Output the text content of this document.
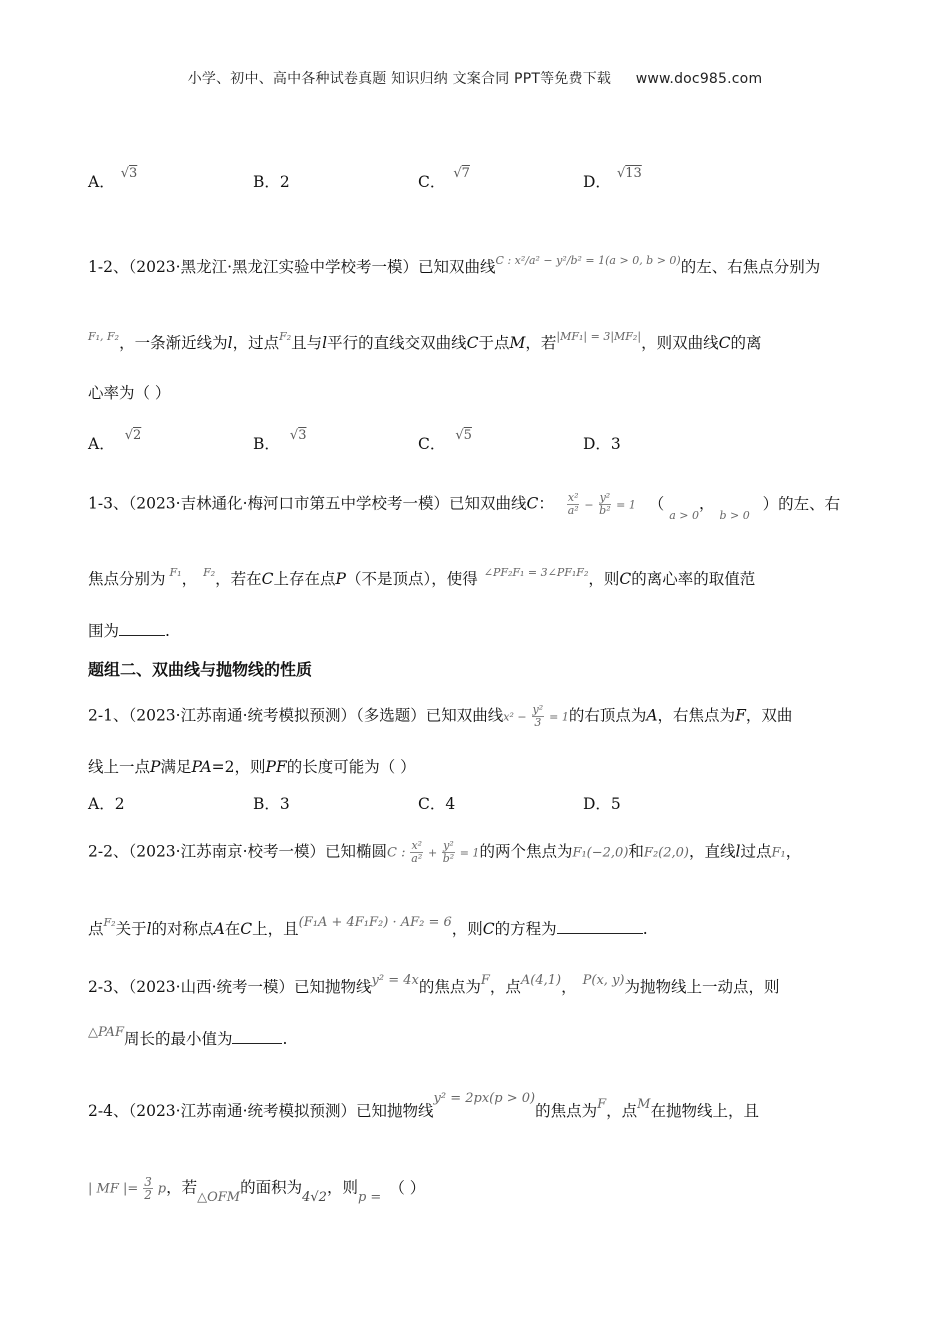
小学、初中、高中各种试卷真题 知识归纳 文案合同 PPT等免费下载 www.doc985.com
A． $^{√3}$	B．2	C． $^{√7}$	D． $^{√13}$
1-2、（2023·黑龙江·黑龙江实验中学校考一模）已知双曲线$^{C : x^2/a^2 - y^2/b^2 = 1(a > 0, b > 0)}$的左、右焦点分别为
$^{F_1, F_2}$，一条渐近线为l，过点$^{F_2}$且与l平行的直线交双曲线C于点M，若$^{|MF_1| = 3|MF_2|}$，则双曲线C的离
心率为（ ）
A． $^{√2}$	B． $^{√3}$	C． $^{√5}$	D．3
1-3、（2023·吉林通化·梅河口市第五中学校考一模）已知双曲线C： $\frac{\text{x²}}{\text{a²}} - \frac{\text{y²}}{\text{b²}} = 1$ （ $_{a > 0}$， $_{b > 0}$ ）的左、右
焦点分别为 $^{F_1}$， $^{F_2}$，若在C上存在点P（不是顶点），使得 $^{\angle PF_2F_1 = 3\angle PF_1F_2}$，则C的离心率的取值范
围为	.
题组二、双曲线与抛物线的性质
2-1、（2023·江苏南通·统考模拟预测）（多选题）已知双曲线$x^2 - \frac{\text{y²}}{3} = 1$的右顶点为A，右焦点为F，双曲
线上一点P满足PA=2，则PF的长度可能为（ ）
A．2	B．3	C．4	D．5
2-2、（2023·江苏南京·校考一模）已知椭圆C : $\frac{\text{x²}}{\text{a²}} + \frac{\text{y²}}{\text{b²}} = 1$的两个焦点为F₁(−2,0)和F₂(2,0)，直线l过点F₁，
点$^{F_2}$关于l的对称点A在C上，且$^{(F_1A + 4F_1F_2) \cdot AF_2 = 6}$，则C的方程为	.
2-3、（2023·山西·统考一模）已知抛物线$^{y^2 = 4x}$的焦点为$^F$，点$^{A(4,1)}$， $^{P(x, y)}$为抛物线上一动点，则
$^{\triangle PAF}$周长的最小值为	.
2-4、（2023·江苏南通·统考模拟预测）已知抛物线$^{y^2 = 2px(p > 0)}$的焦点为$^F$，点$^M$在抛物线上，且
| MF |= $\frac{3}{2}$ p，若$_{\triangle OFM}$的面积为$_{4√2}$，则$_{p =}$（ ）
